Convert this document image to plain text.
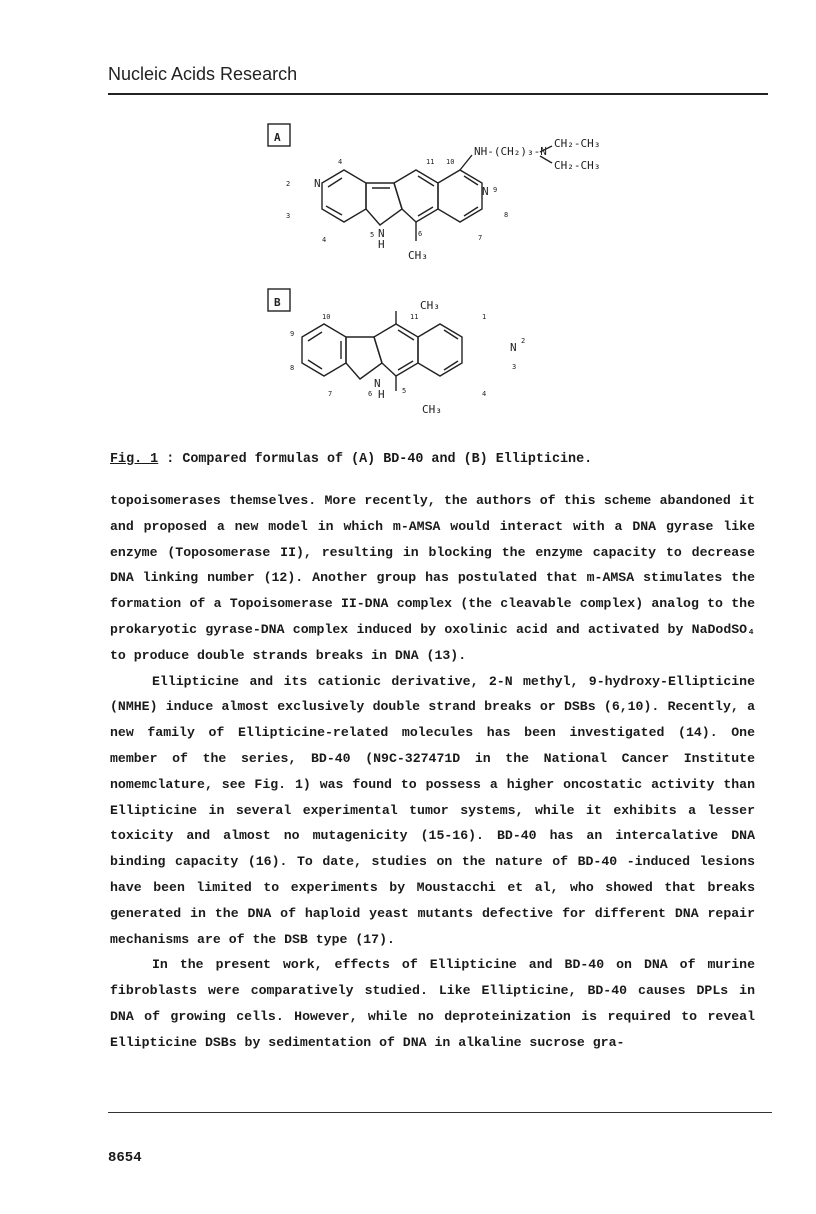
Nucleic Acids Research
A
N
N
N
H
CH₃
NH-(CH₂)₃-N
CH₂-CH₃
CH₂-CH₃
4	11 10
2
3
4
5	6	7
8
9
B	CH₃
N
N
H
CH₃
10	11	1
9
8
7	6	5	4
3
2
Fig. 1 : Compared formulas of (A) BD-40 and (B) Ellipticine.

topoisomerases themselves. More recently, the authors of this scheme abandoned it and proposed a new model in which m-AMSA would interact with a DNA gyrase like enzyme (Toposomerase II), resulting in blocking the enzyme capacity to decrease DNA linking number (12). Another group has postulated that m-AMSA stimulates the formation of a Topoisomerase II-DNA complex (the cleavable complex) analog to the prokaryotic gyrase-DNA complex induced by oxolinic acid and activated by NaDodSO₄ to produce double strands breaks in DNA (13).

Ellipticine and its cationic derivative, 2-N methyl, 9-hydroxy-Ellipticine (NMHE) induce almost exclusively double strand breaks or DSBs (6,10). Recently, a new family of Ellipticine-related molecules has been investigated (14). One member of the series, BD-40 (N9C-327471D in the National Cancer Institute nomemclature, see Fig. 1) was found to possess a higher oncostatic activity than Ellipticine in several experimental tumor systems, while it exhibits a lesser toxicity and almost no mutagenicity (15-16). BD-40 has an intercalative DNA binding capacity (16). To date, studies on the nature of BD-40 -induced lesions have been limited to experiments by Moustacchi et al, who showed that breaks generated in the DNA of haploid yeast mutants defective for different DNA repair mechanisms are of the DSB type (17).

In the present work, effects of Ellipticine and BD-40 on DNA of murine fibroblasts were comparatively studied. Like Ellipticine, BD-40 causes DPLs in DNA of growing cells. However, while no deproteinization is required to reveal Ellipticine DSBs by sedimentation of DNA in alkaline sucrose gra-

8654
